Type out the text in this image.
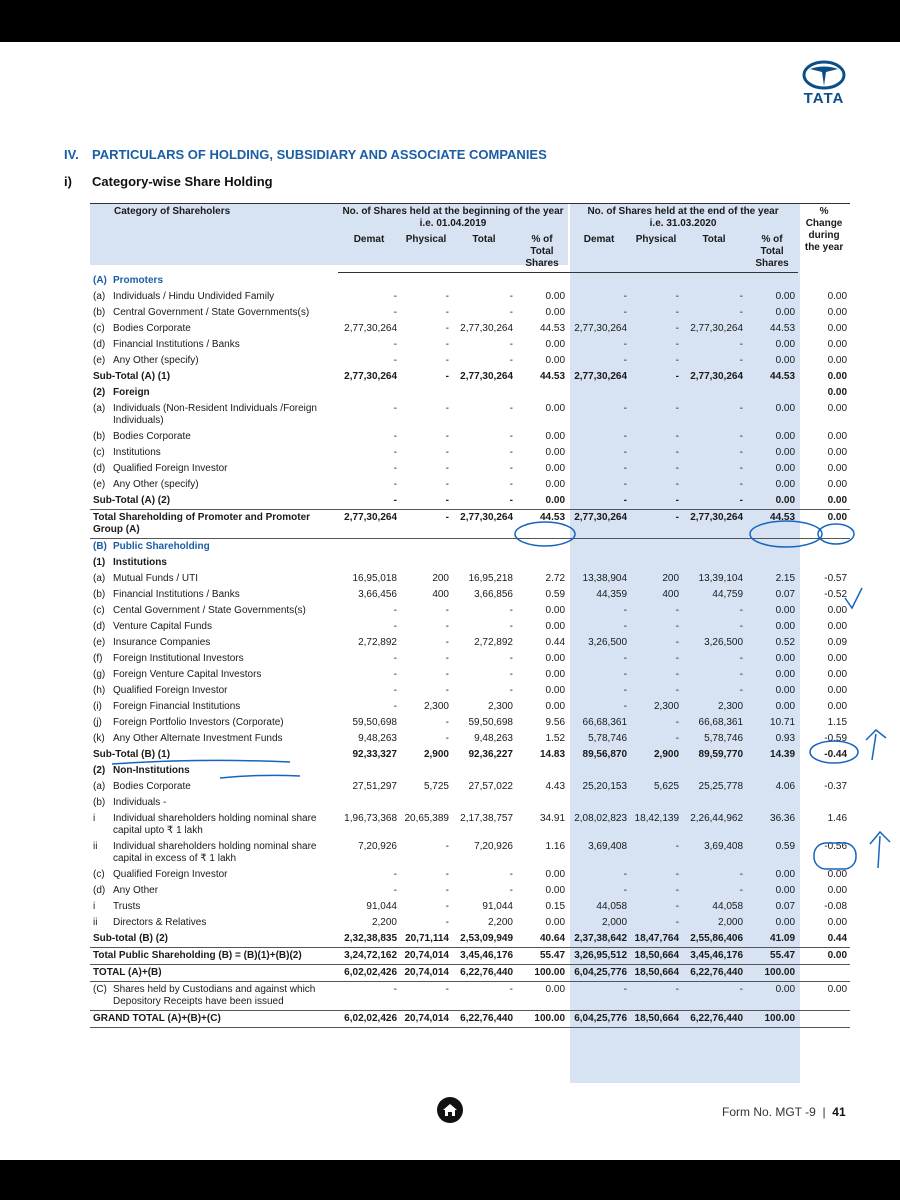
TATA
IV. PARTICULARS OF HOLDING, SUBSIDIARY AND ASSOCIATE COMPANIES
i) Category-wise Share Holding
Category of Shareholers		No. of Shares held at the beginning of the year
i.e. 01.04.2019				No. of Shares held at the end of the year
i.e. 31.03.2020				% Change during the year
		Demat	Physical	Total	% of Total Shares	Demat	Physical	Total	% of Total Shares	
(A)	Promoters									
(a)	Individuals / Hindu Undivided Family	-	-	-	0.00	-	-	-	0.00	0.00
(b)	Central Government / State Governments(s)	-	-	-	0.00	-	-	-	0.00	0.00
(c)	Bodies Corporate	2,77,30,264	-	2,77,30,264	44.53	2,77,30,264	-	2,77,30,264	44.53	0.00
(d)	Financial Institutions / Banks	-	-	-	0.00	-	-	-	0.00	0.00
(e)	Any Other (specify)	-	-	-	0.00	-	-	-	0.00	0.00
Sub-Total (A) (1)		2,77,30,264	-	2,77,30,264	44.53	2,77,30,264	-	2,77,30,264	44.53	0.00
(2)	Foreign									0.00
(a)	Individuals (Non-Resident Individuals /Foreign Individuals)	-	-	-	0.00	-	-	-	0.00	0.00
(b)	Bodies Corporate	-	-	-	0.00	-	-	-	0.00	0.00
(c)	Institutions	-	-	-	0.00	-	-	-	0.00	0.00
(d)	Qualified Foreign Investor	-	-	-	0.00	-	-	-	0.00	0.00
(e)	Any Other (specify)	-	-	-	0.00	-	-	-	0.00	0.00
Sub-Total (A) (2)		-	-	-	0.00	-	-	-	0.00	0.00
Total Shareholding of Promoter and Promoter Group (A)		2,77,30,264	-	2,77,30,264	44.53	2,77,30,264	-	2,77,30,264	44.53	0.00
(B)	Public Shareholding									
(1)	Institutions									
(a)	Mutual Funds / UTI	16,95,018	200	16,95,218	2.72	13,38,904	200	13,39,104	2.15	-0.57
(b)	Financial Institutions / Banks	3,66,456	400	3,66,856	0.59	44,359	400	44,759	0.07	-0.52
(c)	Cental Government / State Governments(s)	-	-	-	0.00	-	-	-	0.00	0.00
(d)	Venture Capital Funds	-	-	-	0.00	-	-	-	0.00	0.00
(e)	Insurance Companies	2,72,892	-	2,72,892	0.44	3,26,500	-	3,26,500	0.52	0.09
(f)	Foreign Institutional Investors	-	-	-	0.00	-	-	-	0.00	0.00
(g)	Foreign Venture Capital Investors	-	-	-	0.00	-	-	-	0.00	0.00
(h)	Qualified Foreign Investor	-	-	-	0.00	-	-	-	0.00	0.00
(i)	Foreign Financial Institutions	-	2,300	2,300	0.00	-	2,300	2,300	0.00	0.00
(j)	Foreign Portfolio Investors (Corporate)	59,50,698	-	59,50,698	9.56	66,68,361	-	66,68,361	10.71	1.15
(k)	Any Other Alternate Investment Funds	9,48,263	-	9,48,263	1.52	5,78,746	-	5,78,746	0.93	-0.59
Sub-Total (B) (1)		92,33,327	2,900	92,36,227	14.83	89,56,870	2,900	89,59,770	14.39	-0.44
(2)	Non-Institutions									
(a)	Bodies Corporate	27,51,297	5,725	27,57,022	4.43	25,20,153	5,625	25,25,778	4.06	-0.37
(b)	Individuals -									
i	Individual shareholders holding nominal share capital upto ₹ 1 lakh	1,96,73,368	20,65,389	2,17,38,757	34.91	2,08,02,823	18,42,139	2,26,44,962	36.36	1.46
ii	Individual shareholders holding nominal share capital in excess of ₹ 1 lakh	7,20,926	-	7,20,926	1.16	3,69,408	-	3,69,408	0.59	-0.56
(c)	Qualified Foreign Investor	-	-	-	0.00	-	-	-	0.00	0.00
(d)	Any Other	-	-	-	0.00	-	-	-	0.00	0.00
i	Trusts	91,044	-	91,044	0.15	44,058	-	44,058	0.07	-0.08
ii	Directors & Relatives	2,200	-	2,200	0.00	2,000	-	2,000	0.00	0.00
Sub-total (B) (2)		2,32,38,835	20,71,114	2,53,09,949	40.64	2,37,38,642	18,47,764	2,55,86,406	41.09	0.44
Total Public Shareholding (B) = (B)(1)+(B)(2)		3,24,72,162	20,74,014	3,45,46,176	55.47	3,26,95,512	18,50,664	3,45,46,176	55.47	0.00
TOTAL (A)+(B)		6,02,02,426	20,74,014	6,22,76,440	100.00	6,04,25,776	18,50,664	6,22,76,440	100.00	
(C)	Shares held by Custodians and against which Depository Receipts have been issued	-	-	-	0.00	-	-	-	0.00	0.00
GRAND TOTAL (A)+(B)+(C)		6,02,02,426	20,74,014	6,22,76,440	100.00	6,04,25,776	18,50,664	6,22,76,440	100.00	
Form No. MGT -9 | 41
